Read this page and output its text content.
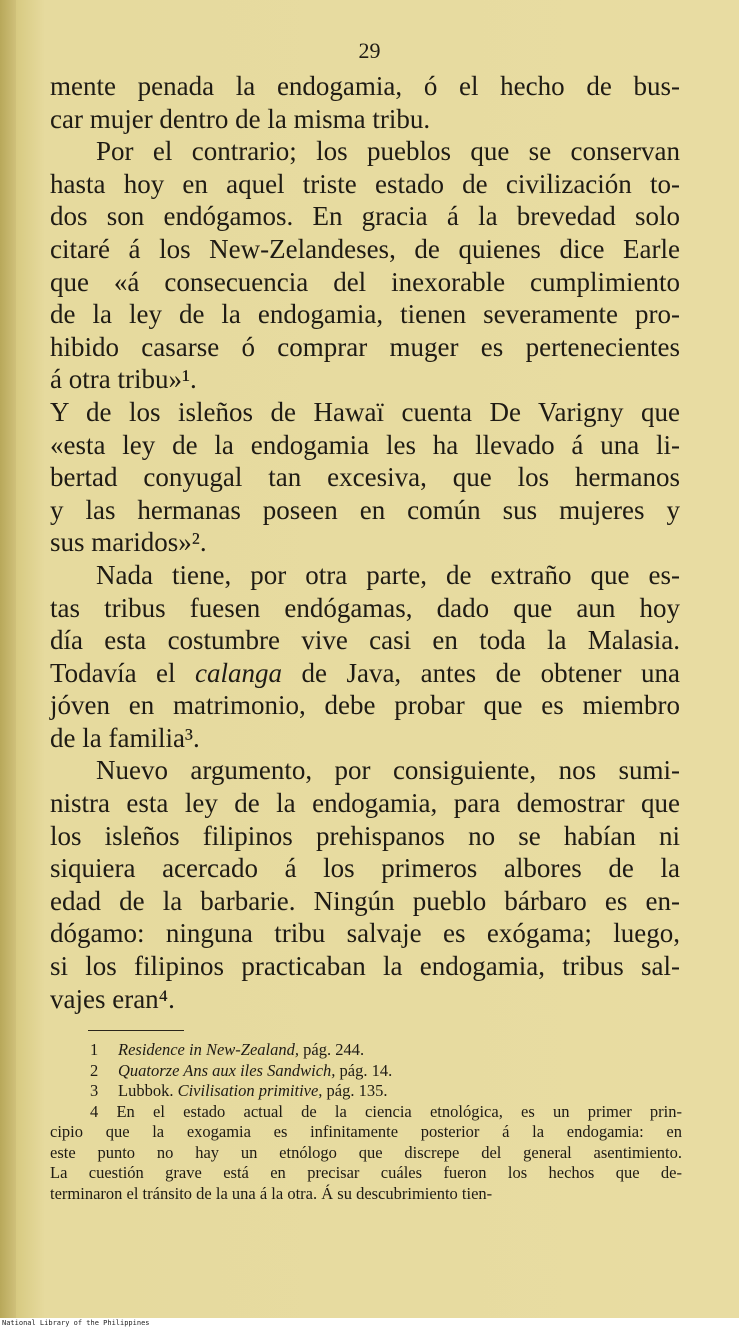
29
mente penada la endogamia, ó el hecho de bus-
car mujer dentro de la misma tribu.
Por el contrario; los pueblos que se conservan
hasta hoy en aquel triste estado de civilización to-
dos son endógamos. En gracia á la brevedad solo
citaré á los New-Zelandeses, de quienes dice Earle
que «á consecuencia del inexorable cumplimiento
de la ley de la endogamia, tienen severamente pro-
hibido casarse ó comprar muger es pertenecientes
á otra tribu»¹.
Y de los isleños de Hawaï cuenta De Varigny que
«esta ley de la endogamia les ha llevado á una li-
bertad conyugal tan excesiva, que los hermanos
y las hermanas poseen en común sus mujeres y
sus maridos»².
Nada tiene, por otra parte, de extraño que es-
tas tribus fuesen endógamas, dado que aun hoy
día esta costumbre vive casi en toda la Malasia.
Todavía el calanga de Java, antes de obtener una
jóven en matrimonio, debe probar que es miembro
de la familia³.
Nuevo argumento, por consiguiente, nos sumi-
nistra esta ley de la endogamia, para demostrar que
los isleños filipinos prehispanos no se habían ni
siquiera acercado á los primeros albores de la
edad de la barbarie. Ningún pueblo bárbaro es en-
dógamo: ninguna tribu salvaje es exógama; luego,
si los filipinos practicaban la endogamia, tribus sal-
vajes eran⁴.
1 Residence in New-Zealand, pág. 244.
2 Quatorze Ans aux iles Sandwich, pág. 14.
3 Lubbok. Civilisation primitive, pág. 135.
4 En el estado actual de la ciencia etnológica, es un primer prin-
cipio que la exogamia es infinitamente posterior á la endogamia: en
este punto no hay un etnólogo que discrepe del general asentimiento.
La cuestión grave está en precisar cuáles fueron los hechos que de-
terminaron el tránsito de la una á la otra. Á su descubrimiento tien-
National Library of the Philippines
